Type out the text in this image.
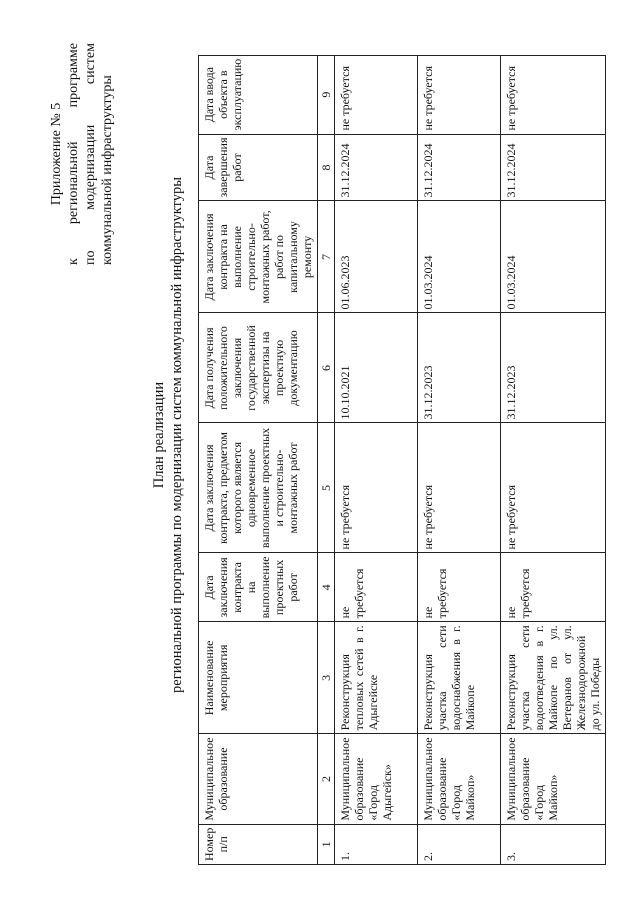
Приложение № 5 к региональной программе по модернизации систем коммунальной инфраструктуры
План реализации региональной программы по модернизации систем коммунальной инфраструктуры
Номер п/п	Муниципальное образование	Наименование мероприятия	Дата заключения контракта на выполнение проектных работ	Дата заключения контракта, предметом которого является одновременное выполнение проектных и строительно-монтажных работ	Дата получения положительного заключения государственной экспертизы на проектную документацию	Дата заключения контракта на выполнение строительно-монтажных работ, работ по капитальному ремонту	Дата завершения работ	Дата ввода объекта в эксплуатацию
1	2	3	4	5	6	7	8	9
1.	Муниципальное образование «Город Адыгейск»	Реконструкция тепловых сетей в г. Адыгейске	не требуется	не требуется	10.10.2021	01.06.2023	31.12.2024	не требуется
2.	Муниципальное образование «Город Майкоп»	Реконструкция участка сети водоснабжения в г. Майкопе	не требуется	не требуется	31.12.2023	01.03.2024	31.12.2024	не требуется
3.	Муниципальное образование «Город Майкоп»	Реконструкция участка сети водоотведения в г. Майкопе по ул. Ветеранов от ул. Железнодорожной до ул. Победы	не требуется	не требуется	31.12.2023	01.03.2024	31.12.2024	не требуется
